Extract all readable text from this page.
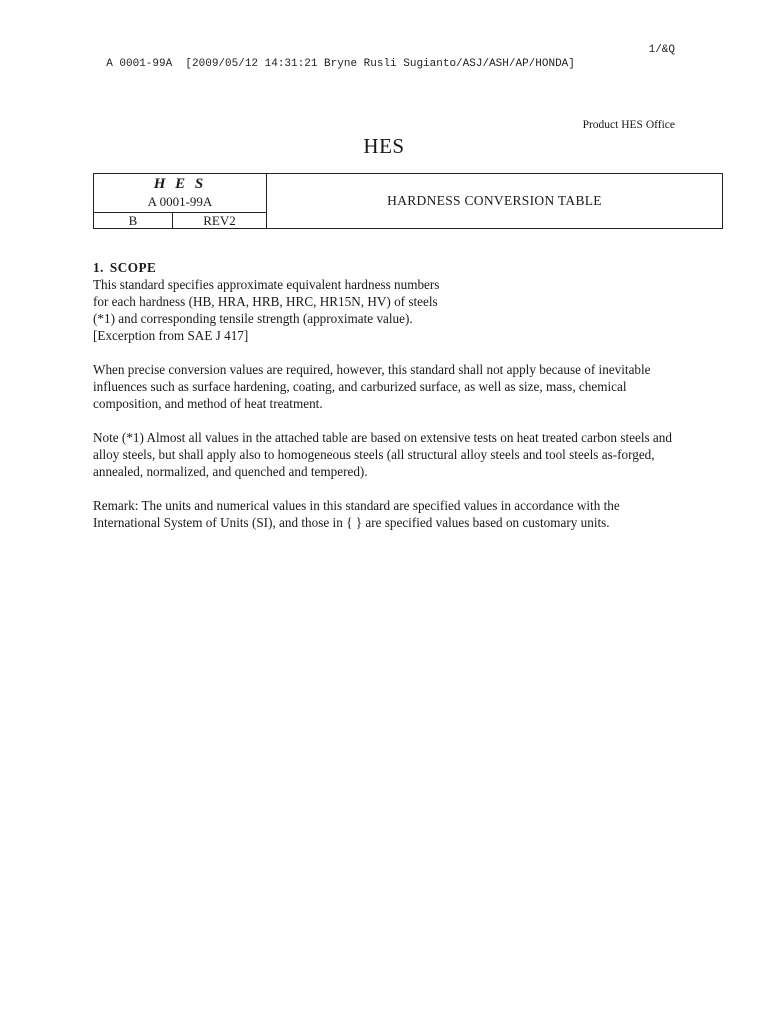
A 0001-99A  [2009/05/12 14:31:21 Bryne Rusli Sugianto/ASJ/ASH/AP/HONDA]

1/&Q

Product HES Office
HES
H E S
A 0001-99A
B	REV2
HARDNESS CONVERSION TABLE
1. SCOPE
This standard specifies approximate equivalent hardness numbers for each hardness (HB, HRA, HRB, HRC, HR15N, HV) of steels (*1) and corresponding tensile strength (approximate value). [Excerption from SAE J 417]

When precise conversion values are required, however, this standard shall not apply because of inevitable influences such as surface hardening, coating, and carburized surface, as well as size, mass, chemical composition, and method of heat treatment.

Note (*1) Almost all values in the attached table are based on extensive tests on heat treated carbon steels and alloy steels, but shall apply also to homogeneous steels (all structural alloy steels and tool steels as-forged, annealed, normalized, and quenched and tempered).

Remark: The units and numerical values in this standard are specified values in accordance with the International System of Units (SI), and those in { } are specified values based on customary units.
